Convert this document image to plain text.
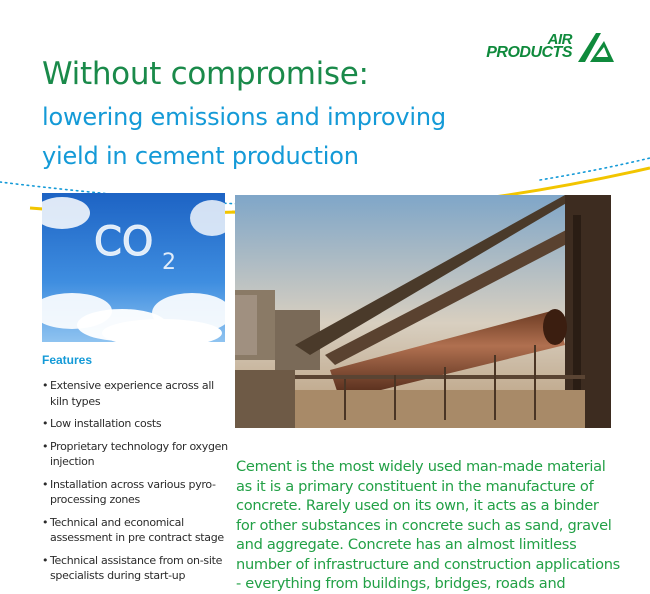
AIR
PRODUCTS
Without compromise:
lowering emissions and improving
yield in cement production
CO 2
Features
• Extensive experience across all kiln types
• Low installation costs
• Proprietary technology for oxygen injection
• Installation across various pyro-processing zones
• Technical and economical assessment in pre contract stage
• Technical assistance from on-site specialists during start-up

Cement is the most widely used man-made material as it is a primary constituent in the manufacture of concrete. Rarely used on its own, it acts as a binder for other substances in concrete such as sand, gravel and aggregate. Concrete has an almost limitless number of infrastructure and construction applications - everything from buildings, bridges, roads and
